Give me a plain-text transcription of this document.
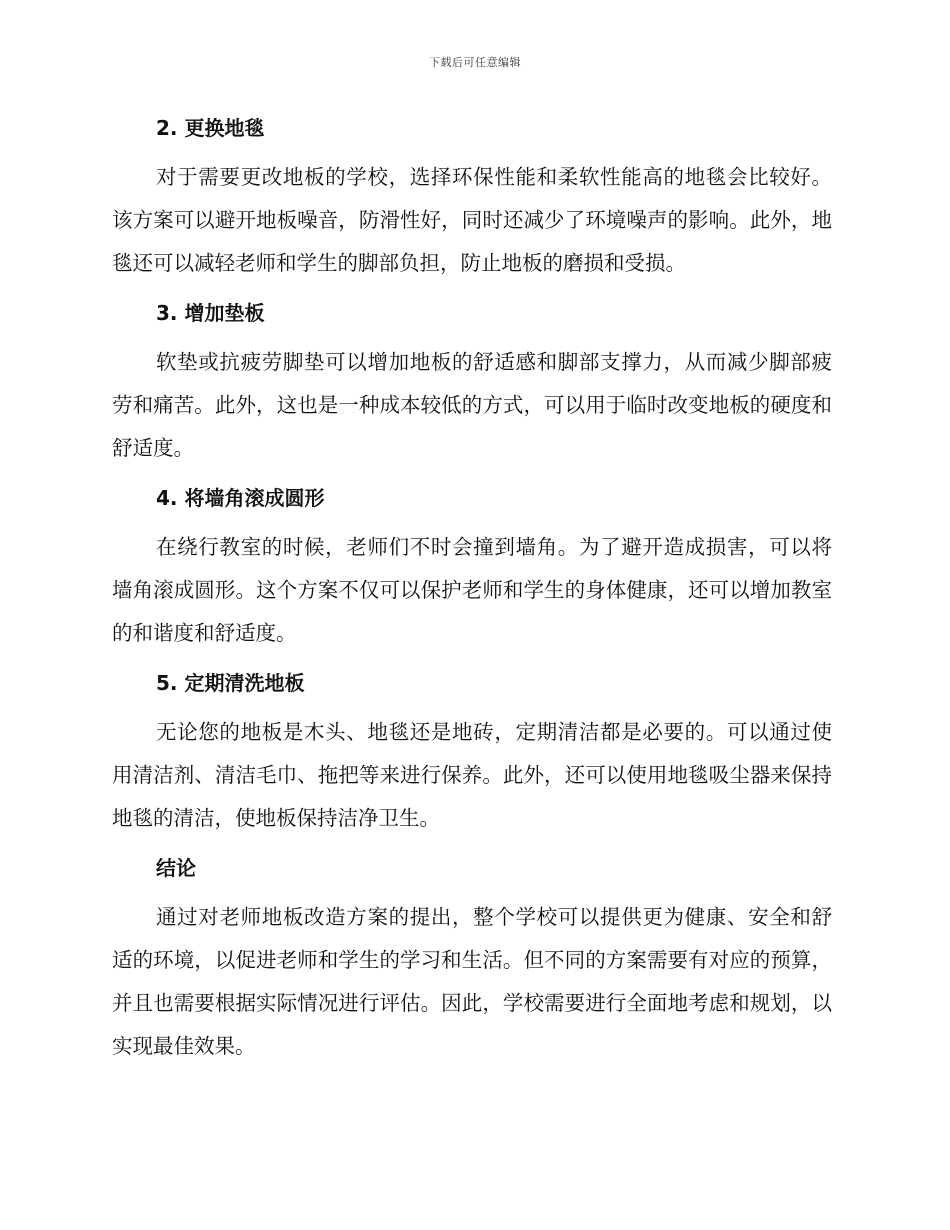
下载后可任意编辑
2. 更换地毯

对于需要更改地板的学校，选择环保性能和柔软性能高的地毯会比较好。该方案可以避开地板噪音，防滑性好，同时还减少了环境噪声的影响。此外，地毯还可以减轻老师和学生的脚部负担，防止地板的磨损和受损。

3. 增加垫板

软垫或抗疲劳脚垫可以增加地板的舒适感和脚部支撑力，从而减少脚部疲劳和痛苦。此外，这也是一种成本较低的方式，可以用于临时改变地板的硬度和舒适度。

4. 将墙角滚成圆形

在绕行教室的时候，老师们不时会撞到墙角。为了避开造成损害，可以将墙角滚成圆形。这个方案不仅可以保护老师和学生的身体健康，还可以增加教室的和谐度和舒适度。

5. 定期清洗地板

无论您的地板是木头、地毯还是地砖，定期清洁都是必要的。可以通过使用清洁剂、清洁毛巾、拖把等来进行保养。此外，还可以使用地毯吸尘器来保持地毯的清洁，使地板保持洁净卫生。

结论

通过对老师地板改造方案的提出，整个学校可以提供更为健康、安全和舒适的环境，以促进老师和学生的学习和生活。但不同的方案需要有对应的预算，并且也需要根据实际情况进行评估。因此，学校需要进行全面地考虑和规划，以实现最佳效果。
